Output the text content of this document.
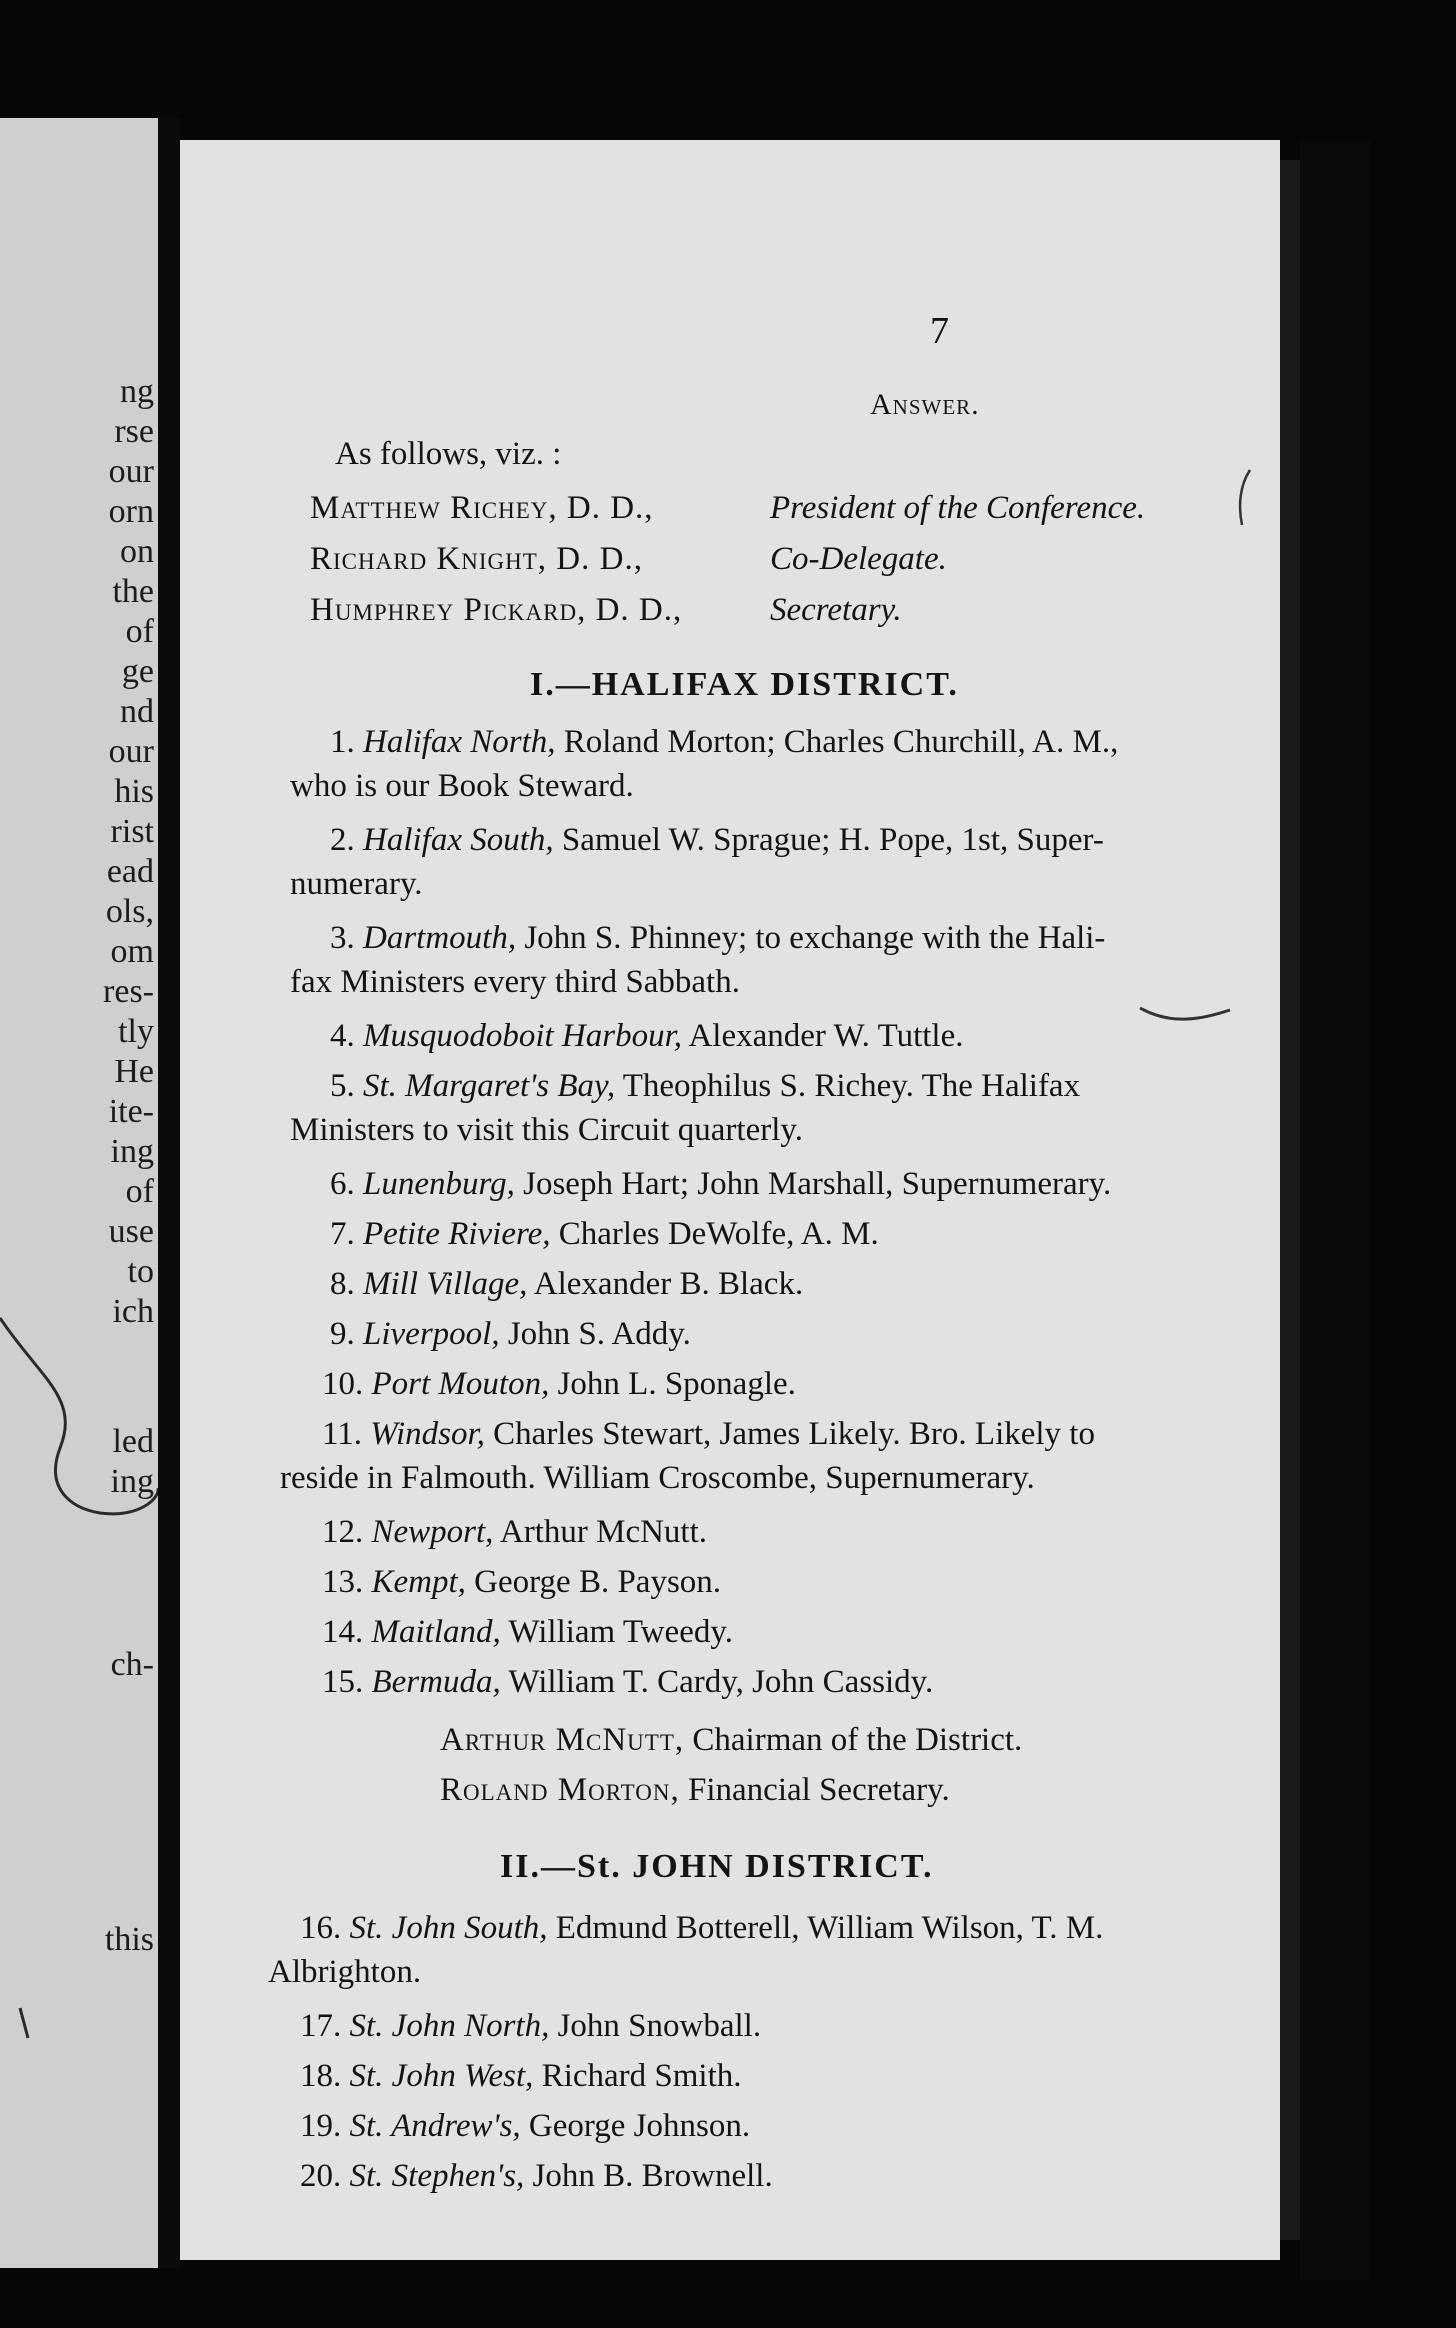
ng
rse
our
orn
on
the
of
ge
nd
our
his
rist
ead
ols,
om
res-
tly
He
ite-
ing
of
use
to
ich
led
ing
ch-
this
7
Answer.
As follows, viz. :
Matthew Richey, D. D.,	President of the Conference.
Richard Knight, D. D.,	Co-Delegate.
Humphrey Pickard, D. D.,	Secretary.
I.—HALIFAX DISTRICT.
1. Halifax North, Roland Morton; Charles Churchill, A. M.,
who is our Book Steward.
2. Halifax South, Samuel W. Sprague; H. Pope, 1st, Super-
numerary.
3. Dartmouth, John S. Phinney; to exchange with the Hali-
fax Ministers every third Sabbath.
4. Musquodoboit Harbour, Alexander W. Tuttle.
5. St. Margaret's Bay, Theophilus S. Richey. The Halifax
Ministers to visit this Circuit quarterly.
6. Lunenburg, Joseph Hart; John Marshall, Supernumerary.
7. Petite Riviere, Charles DeWolfe, A. M.
8. Mill Village, Alexander B. Black.
9. Liverpool, John S. Addy.
10. Port Mouton, John L. Sponagle.
11. Windsor, Charles Stewart, James Likely. Bro. Likely to
reside in Falmouth. William Croscombe, Supernumerary.
12. Newport, Arthur McNutt.
13. Kempt, George B. Payson.
14. Maitland, William Tweedy.
15. Bermuda, William T. Cardy, John Cassidy.
Arthur McNutt, Chairman of the District.
Roland Morton, Financial Secretary.
II.—St. JOHN DISTRICT.
16. St. John South, Edmund Botterell, William Wilson, T. M.
Albrighton.
17. St. John North, John Snowball.
18. St. John West, Richard Smith.
19. St. Andrew's, George Johnson.
20. St. Stephen's, John B. Brownell.
